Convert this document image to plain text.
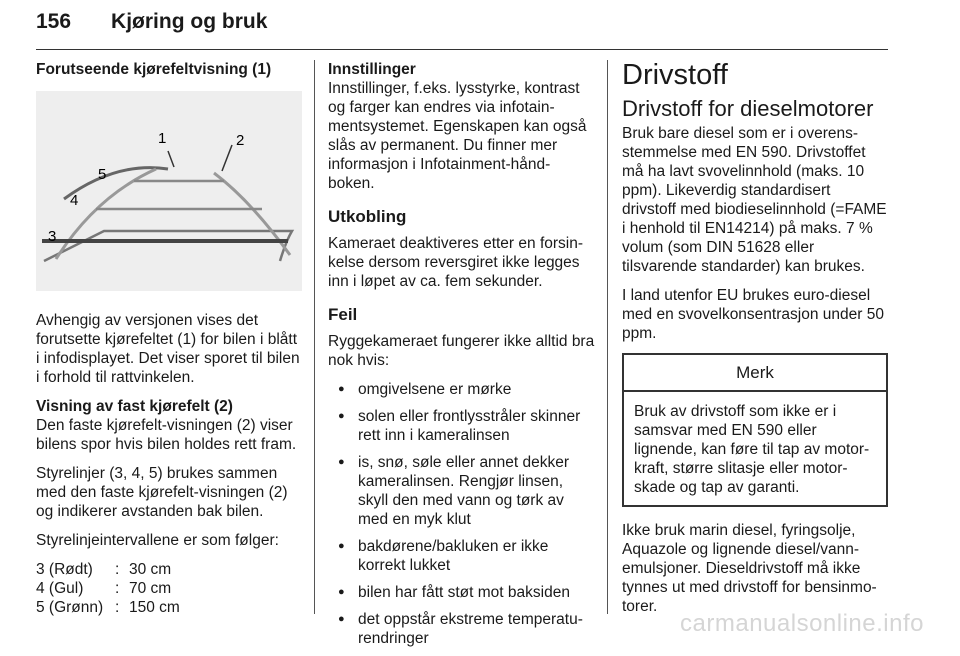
156 Kjøring og bruk
Forutseende kjørefeltvisning (1)
1	2
3
4
5

Avhengig av versjonen vises det forutsette kjørefeltet (1) for bilen i blått i infodisplayet. Det viser sporet til bilen i forhold til rattvinkelen.

Visning av fast kjørefelt (2)

Den faste kjørefelt-visningen (2) viser bilens spor hvis bilen holdes rett fram.

Styrelinjer (3, 4, 5) brukes sammen med den faste kjørefelt-visningen (2) og indikerer avstanden bak bilen.

Styrelinjeintervallene er som følger:

3 (Rødt)	:	30 cm
4 (Gul)	:	70 cm
5 (Grønn)	:	150 cm
Innstillinger

Innstillinger, f.eks. lysstyrke, kontrast og farger kan endres via infotain-mentsystemet. Egenskapen kan også slås av permanent. Du finner mer informasjon i Infotainment-hånd-boken.

Utkobling

Kameraet deaktiveres etter en forsin-kelse dersom reversgiret ikke legges inn i løpet av ca. fem sekunder.

Feil

Ryggekameraet fungerer ikke alltid bra nok hvis:

● omgivelsene er mørke
● solen eller frontlysstråler skinner rett inn i kameralinsen
● is, snø, søle eller annet dekker kameralinsen. Rengjør linsen, skyll den med vann og tørk av med en myk klut
● bakdørene/bakluken er ikke korrekt lukket
● bilen har fått støt mot baksiden
● det oppstår ekstreme temperatu-rendringer
Drivstoff
Drivstoff for dieselmotorer

Bruk bare diesel som er i overens-stemmelse med EN 590. Drivstoffet må ha lavt svovelinnhold (maks. 10 ppm). Likeverdig standardisert drivstoff med biodieselinnhold (=FAME i henhold til EN14214) på maks. 7 % volum (som DIN 51628 eller tilsvarende standarder) kan brukes.

I land utenfor EU brukes euro-diesel med en svovelkonsentrasjon under 50 ppm.

Merk
Bruk av drivstoff som ikke er i samsvar med EN 590 eller lignende, kan føre til tap av motor-kraft, større slitasje eller motor-skade og tap av garanti.

Ikke bruk marin diesel, fyringsolje, Aquazole og lignende diesel/vann-emulsjoner. Dieseldrivstoff må ikke tynnes ut med drivstoff for bensinmo-torer.

carmanualsonline.info
